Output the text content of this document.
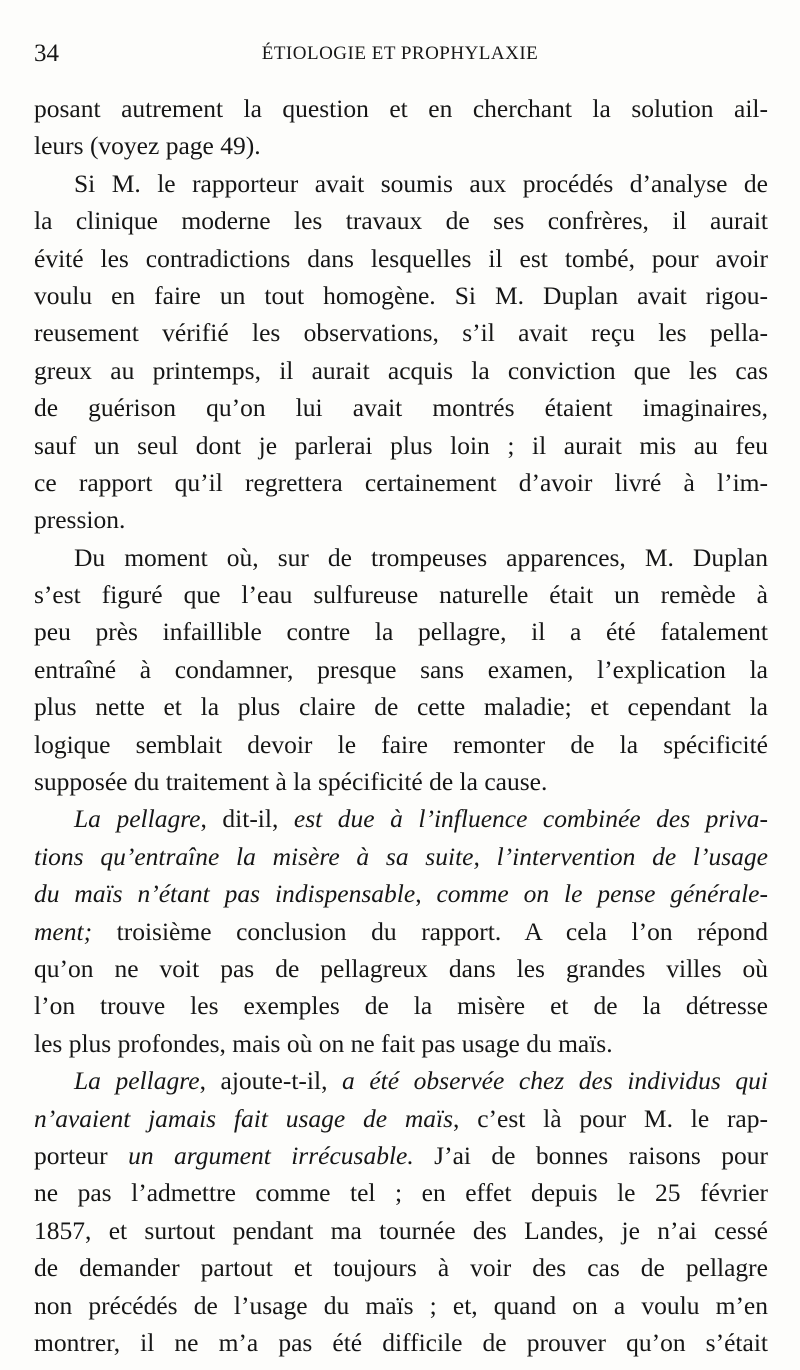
34	ÉTIOLOGIE ET PROPHYLAXIE
posant autrement la question et en cherchant la solution ail-
leurs (voyez page 49).
Si M. le rapporteur avait soumis aux procédés d’analyse de
la clinique moderne les travaux de ses confrères, il aurait
évité les contradictions dans lesquelles il est tombé, pour avoir
voulu en faire un tout homogène. Si M. Duplan avait rigou-
reusement vérifié les observations, s’il avait reçu les pella-
greux au printemps, il aurait acquis la conviction que les cas
de guérison qu’on lui avait montrés étaient imaginaires,
sauf un seul dont je parlerai plus loin ; il aurait mis au feu
ce rapport qu’il regrettera certainement d’avoir livré à l’im-
pression.
Du moment où, sur de trompeuses apparences, M. Duplan
s’est figuré que l’eau sulfureuse naturelle était un remède à
peu près infaillible contre la pellagre, il a été fatalement
entraîné à condamner, presque sans examen, l’explication la
plus nette et la plus claire de cette maladie; et cependant la
logique semblait devoir le faire remonter de la spécificité
supposée du traitement à la spécificité de la cause.
La pellagre, dit-il, est due à l’influence combinée des priva-
tions qu’entraîne la misère à sa suite, l’intervention de l’usage
du maïs n’étant pas indispensable, comme on le pense générale-
ment; troisième conclusion du rapport. A cela l’on répond
qu’on ne voit pas de pellagreux dans les grandes villes où
l’on trouve les exemples de la misère et de la détresse
les plus profondes, mais où on ne fait pas usage du maïs.
La pellagre, ajoute-t-il, a été observée chez des individus qui
n’avaient jamais fait usage de maïs, c’est là pour M. le rap-
porteur un argument irrécusable. J’ai de bonnes raisons pour
ne pas l’admettre comme tel ; en effet depuis le 25 février
1857, et surtout pendant ma tournée des Landes, je n’ai cessé
de demander partout et toujours à voir des cas de pellagre
non précédés de l’usage du maïs ; et, quand on a voulu m’en
montrer, il ne m’a pas été difficile de prouver qu’on s’était
